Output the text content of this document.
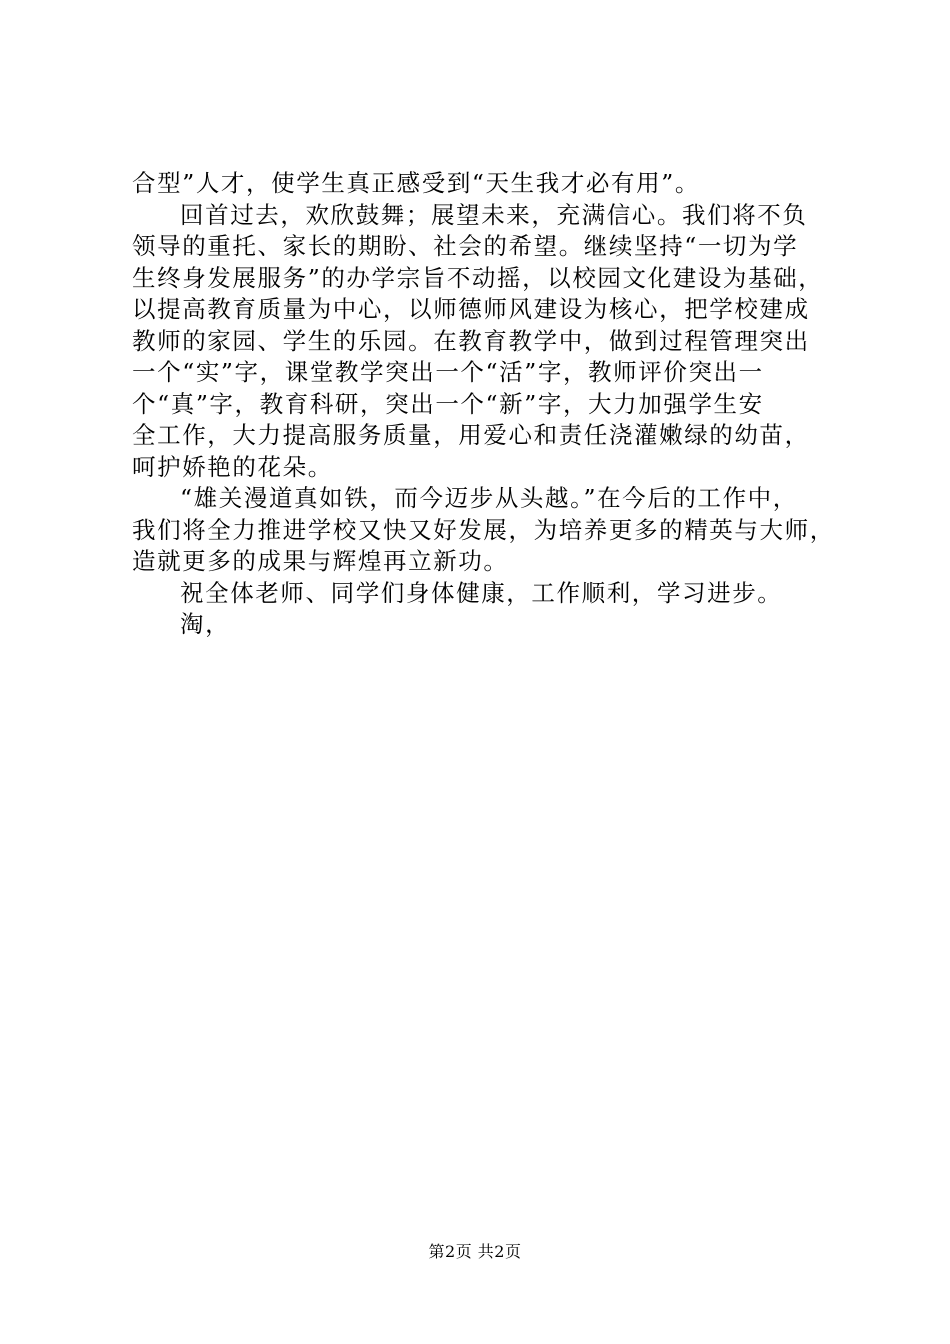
合型”人才，使学生真正感受到“天生我才必有用”。
回首过去，欢欣鼓舞；展望未来，充满信心。我们将不负
领导的重托、家长的期盼、社会的希望。继续坚持“一切为学
生终身发展服务”的办学宗旨不动摇，以校园文化建设为基础，
以提高教育质量为中心，以师德师风建设为核心，把学校建成
教师的家园、学生的乐园。在教育教学中，做到过程管理突出
一个“实”字，课堂教学突出一个“活”字，教师评价突出一
个“真”字，教育科研，突出一个“新”字，大力加强学生安
全工作，大力提高服务质量，用爱心和责任浇灌嫩绿的幼苗，
呵护娇艳的花朵。
“雄关漫道真如铁，而今迈步从头越。”在今后的工作中，
我们将全力推进学校又快又好发展，为培养更多的精英与大师，
造就更多的成果与辉煌再立新功。
祝全体老师、同学们身体健康，工作顺利，学习进步。
淘，
第2页 共2页
